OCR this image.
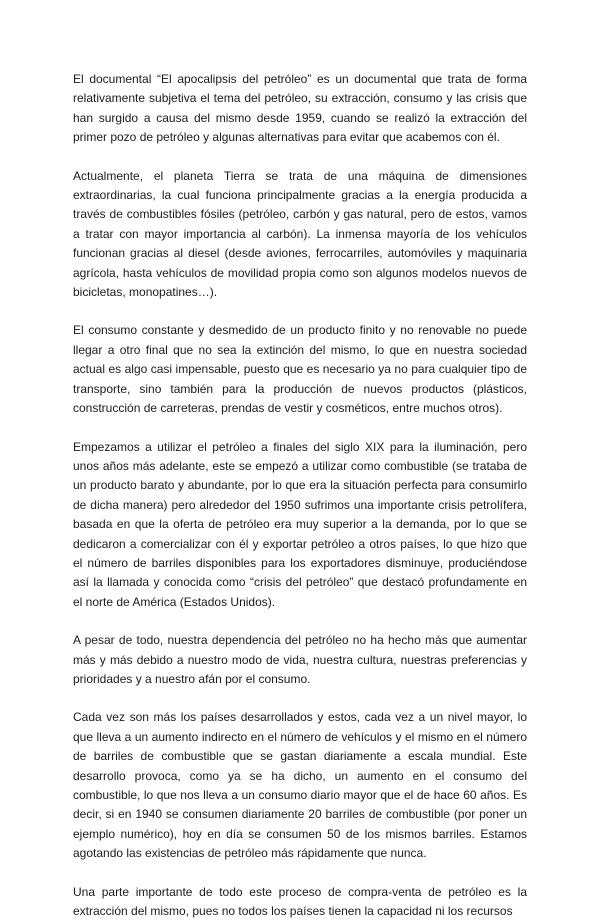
El documental “El apocalipsis del petróleo” es un documental que trata de forma relativamente subjetiva el tema del petróleo, su extracción, consumo y las crisis que han surgido a causa del mismo desde 1959, cuando se realizó la extracción del primer pozo de petróleo y algunas alternativas para evitar que acabemos con él.

Actualmente, el planeta Tierra se trata de una máquina de dimensiones extraordinarias, la cual funciona principalmente gracias a la energía producida a través de combustibles fósiles (petróleo, carbón y gas natural, pero de estos, vamos a tratar con mayor importancia al carbón). La inmensa mayoría de los vehículos funcionan gracias al diesel (desde aviones, ferrocarriles, automóviles y maquinaria agrícola, hasta vehículos de movilidad propia como son algunos modelos nuevos de bicicletas, monopatines…).

El consumo constante y desmedido de un producto finito y no renovable no puede llegar a otro final que no sea la extinción del mismo, lo que en nuestra sociedad actual es algo casi impensable, puesto que es necesario ya no para cualquier tipo de transporte, sino también para la producción de nuevos productos (plásticos, construcción de carreteras, prendas de vestir y cosméticos, entre muchos otros).

Empezamos a utilizar el petróleo a finales del siglo XIX para la iluminación, pero unos años más adelante, este se empezó a utilizar como combustible (se trataba de un producto barato y abundante, por lo que era la situación perfecta para consumirlo de dicha manera) pero alrededor del 1950 sufrimos una importante crisis petrolífera, basada en que la oferta de petróleo era muy superior a la demanda, por lo que se dedicaron a comercializar con él y exportar petróleo a otros países, lo que hizo que el número de barriles disponibles para los exportadores disminuye, produciéndose así la llamada y conocida como “crisis del petróleo” que destacó profundamente en el norte de América (Estados Unidos).

A pesar de todo, nuestra dependencia del petróleo no ha hecho más que aumentar más y más debido a nuestro modo de vida, nuestra cultura, nuestras preferencias y prioridades y a nuestro afán por el consumo.

Cada vez son más los países desarrollados y estos, cada vez a un nivel mayor, lo que lleva a un aumento indirecto en el número de vehículos y el mismo en el número de barriles de combustible que se gastan diariamente a escala mundial. Este desarrollo provoca, como ya se ha dicho, un aumento en el consumo del combustible, lo que nos lleva a un consumo diario mayor que el de hace 60 años. Es decir, si en 1940 se consumen diariamente 20 barriles de combustible (por poner un ejemplo numérico), hoy en día se consumen 50 de los mismos barriles. Estamos agotando las existencias de petróleo más rápidamente que nunca.

Una parte importante de todo este proceso de compra-venta de petróleo es la extracción del mismo, pues no todos los países tienen la capacidad ni los recursos
